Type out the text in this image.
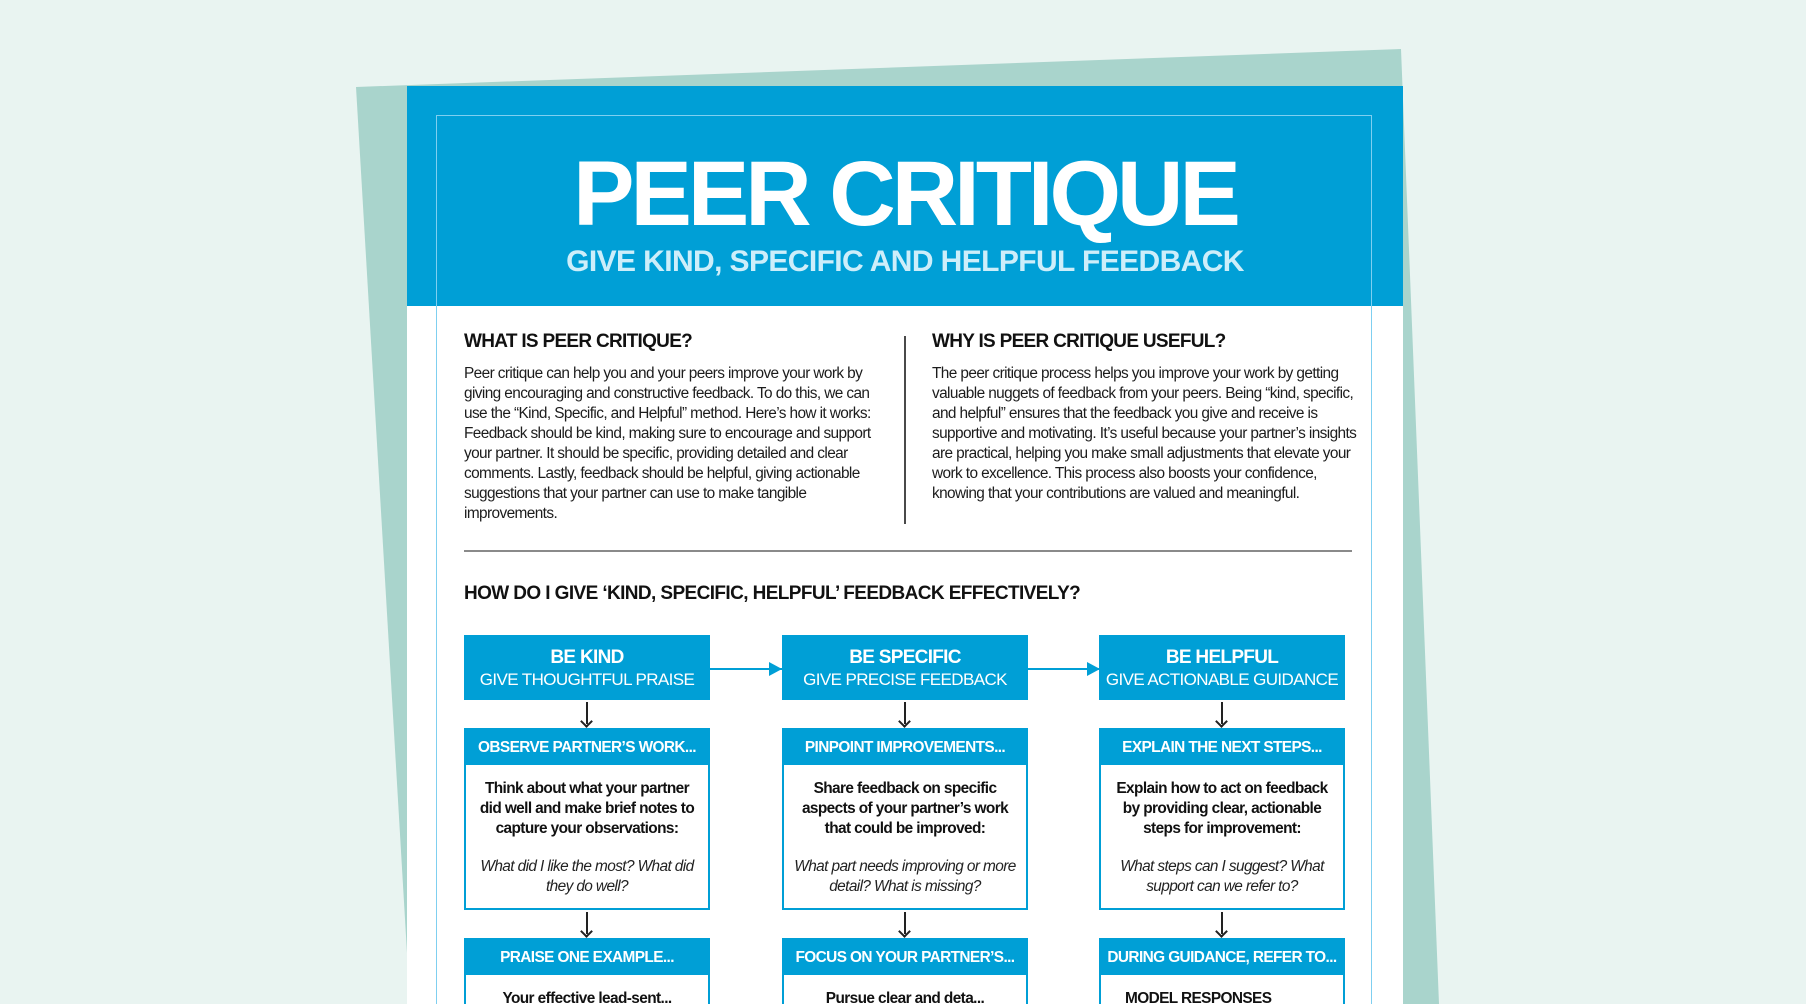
PEER CRITIQUE
GIVE KIND, SPECIFIC AND HELPFUL FEEDBACK
WHAT IS PEER CRITIQUE?

Peer critique can help you and your peers improve your work by giving encouraging and constructive feedback. To do this, we can use the “Kind, Specific, and Helpful” method. Here’s how it works: Feedback should be kind, making sure to encourage and support your partner. It should be specific, providing detailed and clear comments. Lastly, feedback should be helpful, giving actionable suggestions that your partner can use to make tangible improvements.

WHY IS PEER CRITIQUE USEFUL?

The peer critique process helps you improve your work by getting valuable nuggets of feedback from your peers. Being “kind, specific, and helpful” ensures that the feedback you give and receive is supportive and motivating. It’s useful because your partner’s insights are practical, helping you make small adjustments that elevate your work to excellence. This process also boosts your confidence, knowing that your contributions are valued and meaningful.

HOW DO I GIVE ‘KIND, SPECIFIC, HELPFUL’ FEEDBACK EFFECTIVELY?
BE KIND
GIVE THOUGHTFUL PRAISE
OBSERVE PARTNER’S WORK...

Think about what your partner did well and make brief notes to capture your observations:

What did I like the most? What did they do well?

PRAISE ONE EXAMPLE...

Your effective lead-sent...

BE SPECIFIC
GIVE PRECISE FEEDBACK
PINPOINT IMPROVEMENTS...

Share feedback on specific aspects of your partner’s work that could be improved:

What part needs improving or more detail? What is missing?

FOCUS ON YOUR PARTNER’S...

Pursue clear and deta...

BE HELPFUL
GIVE ACTIONABLE GUIDANCE
EXPLAIN THE NEXT STEPS...

Explain how to act on feedback by providing clear, actionable steps for improvement:

What steps can I suggest? What support can we refer to?

DURING GUIDANCE, REFER TO...

MODEL RESPONSES
